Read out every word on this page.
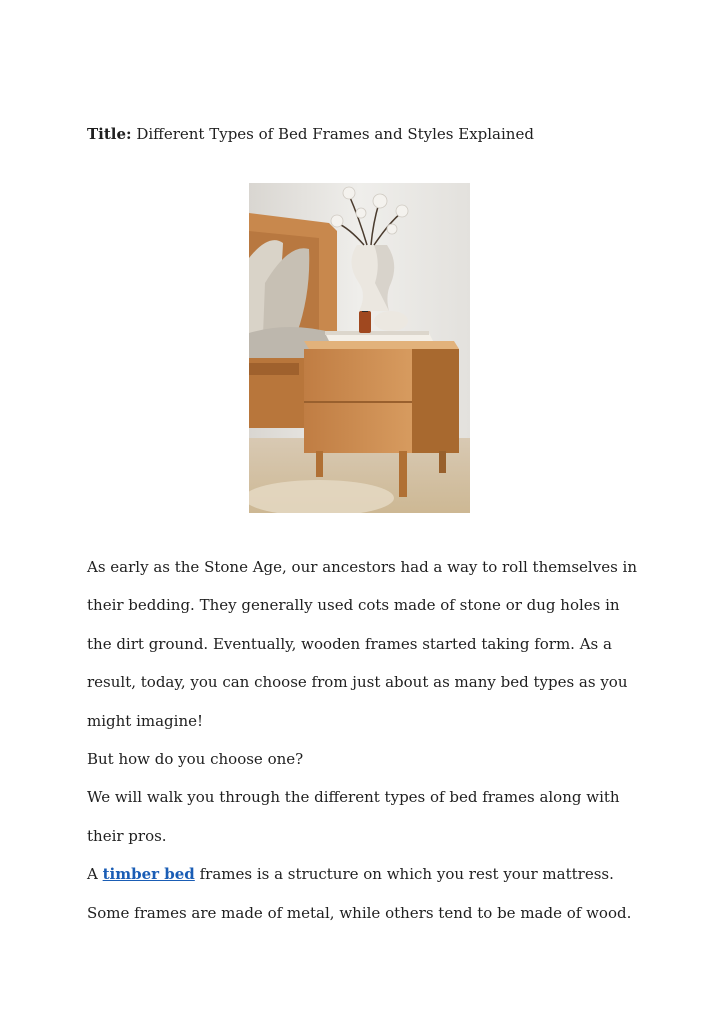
Title: Different Types of Bed Frames and Styles Explained

As early as the Stone Age, our ancestors had a way to roll themselves in their bedding. They generally used cots made of stone or dug holes in the dirt ground. Eventually, wooden frames started taking form. As a result, today, you can choose from just about as many bed types as you might imagine!

But how do you choose one?

We will walk you through the different types of bed frames along with their pros.

A timber bed frames is a structure on which you rest your mattress. Some frames are made of metal, while others tend to be made of wood.
